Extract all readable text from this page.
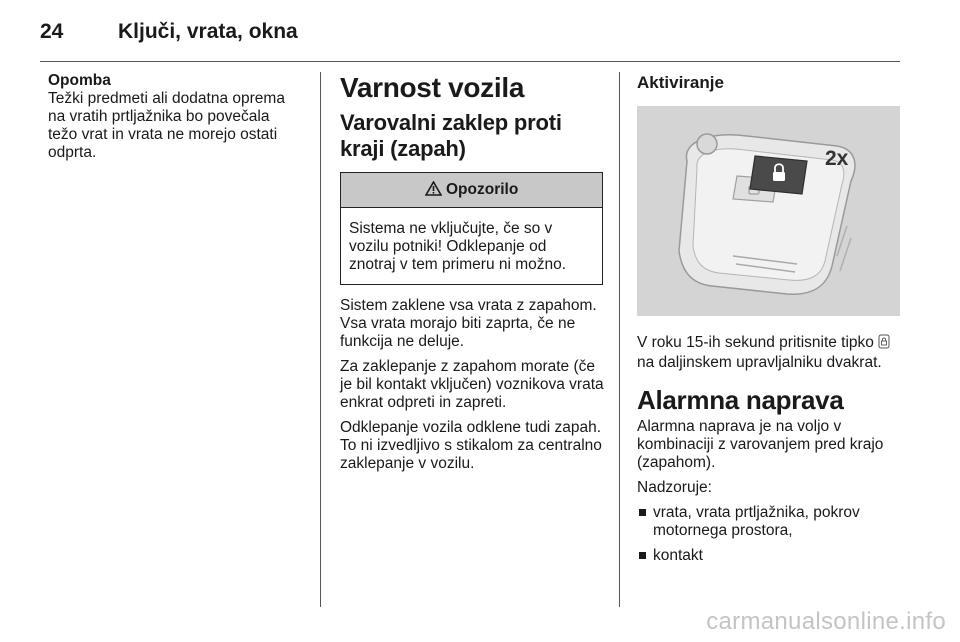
24	Ključi, vrata, okna
Opomba

Težki predmeti ali dodatna oprema na vratih prtljažnika bo povečala težo vrat in vrata ne morejo ostati odprta.

Varnost vozila
Varovalni zaklep proti kraji (zapah)
Opozorilo
Sistema ne vključujte, če so v vozilu potniki! Odklepanje od znotraj v tem primeru ni možno.

Sistem zaklene vsa vrata z zapahom. Vsa vrata morajo biti zaprta, če ne funkcija ne deluje.

Za zaklepanje z zapahom morate (če je bil kontakt vključen) voznikova vrata enkrat odpreti in zapreti.

Odklepanje vozila odklene tudi zapah. To ni izvedljivo s stikalom za centralno zaklepanje v vozilu.

Aktiviranje
2x

V roku 15-ih sekund pritisnite tipko  na daljinskem upravljalniku dvakrat.

Alarmna naprava

Alarmna naprava je na voljo v kombinaciji z varovanjem pred krajo (zapahom).

Nadzoruje:

vrata, vrata prtljažnika, pokrov motornega prostora,
kontakt
carmanualsonline.info
